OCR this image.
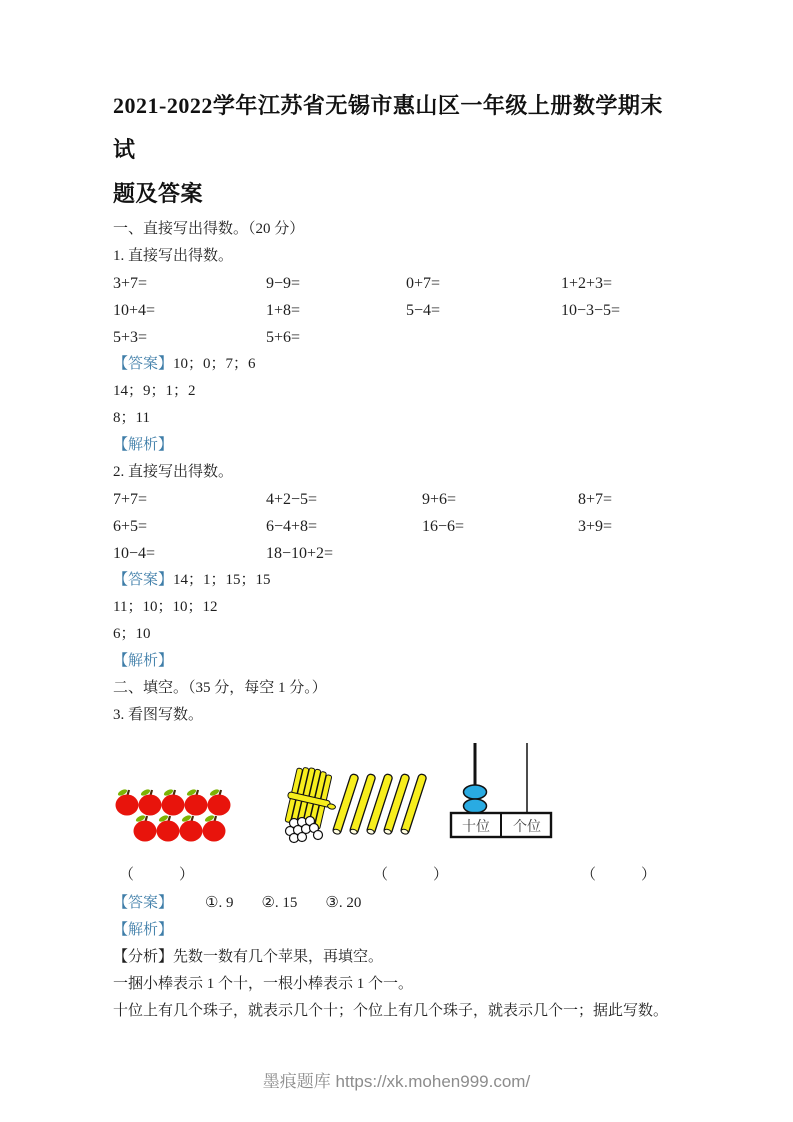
2021-2022学年江苏省无锡市惠山区一年级上册数学期末试
题及答案

一、直接写出得数。（20 分）

1. 直接写出得数。

3+7=	9−9=	0+7=	1+2+3=
10+4=	1+8=	5−4=	10−3−5=
5+3=	5+6=

【答案】10；0；7；6

14；9；1；2

8；11

【解析】

2. 直接写出得数。

7+7=	4+2−5=	9+6=	8+7=
6+5=	6−4+8=	16−6=	3+9=
10−4=	18−10+2=

【答案】14；1；15；15

11；10；10；12

6；10

【解析】

二、填空。（35 分，每空 1 分。）

3. 看图写数。

十位 个位
（　　　）	（　　　）	（　　　）

【答案】 ①. 9 ②. 15 ③. 20

【解析】

【分析】先数一数有几个苹果，再填空。

一捆小棒表示 1 个十，一根小棒表示 1 个一。

十位上有几个珠子，就表示几个十；个位上有几个珠子，就表示几个一；据此写数。

墨痕题库 https://xk.mohen999.com/
